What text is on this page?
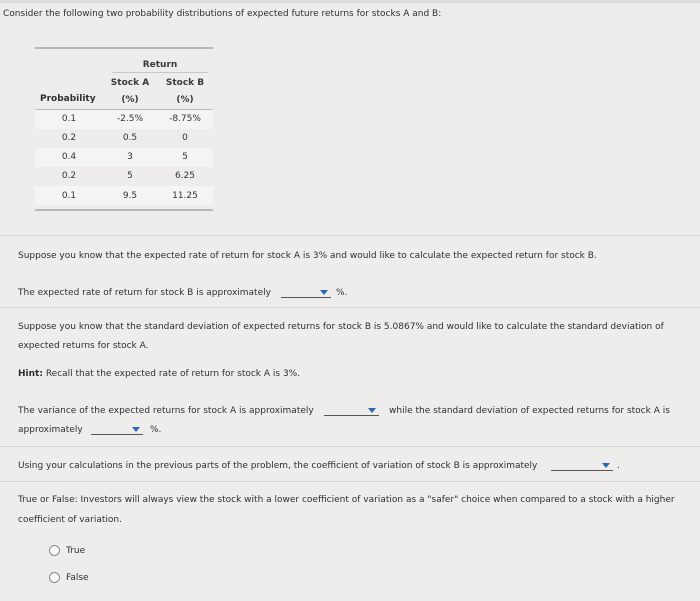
Consider the following two probability distributions of expected future returns for stocks A and B:
Return
Stock A	Stock B
(%)	(%)
Probability
0.1	-2.5%	-8.75%
0.2	0.5	0
0.4	3	5
0.2	5	6.25
0.1	9.5	11.25
Suppose you know that the expected rate of return for stock A is 3% and would like to calculate the expected return for stock B.
The expected rate of return for stock B is approximately	%.
Suppose you know that the standard deviation of expected returns for stock B is 5.0867% and would like to calculate the standard deviation of
expected returns for stock A.
Hint: Recall that the expected rate of return for stock A is 3%.
The variance of the expected returns for stock A is approximately	while the standard deviation of expected returns for stock A is
approximately	%.
Using your calculations in the previous parts of the problem, the coefficient of variation of stock B is approximately	.
True or False: Investors will always view the stock with a lower coefficient of variation as a "safer" choice when compared to a stock with a higher
coefficient of variation.
True
False
